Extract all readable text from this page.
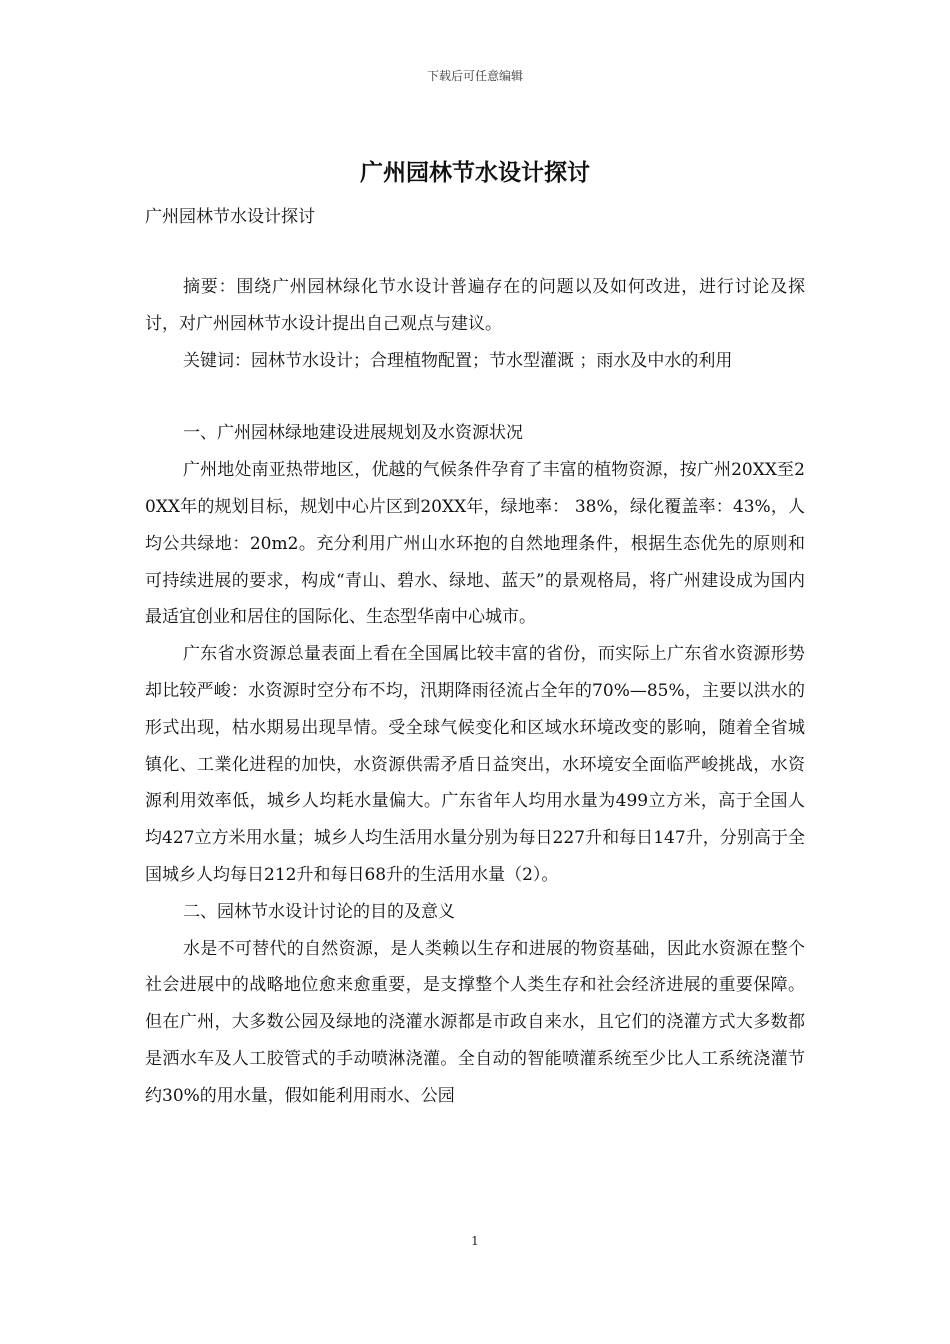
下载后可任意编辑
广州园林节水设计探讨

广州园林节水设计探讨

摘要：围绕广州园林绿化节水设计普遍存在的问题以及如何改进，进行讨论及探讨，对广州园林节水设计提出自己观点与建议。

关键词：园林节水设计；合理植物配置；节水型灌溉 ；雨水及中水的利用

一、广州园林绿地建设进展规划及水资源状况

广州地处南亚热带地区，优越的气候条件孕育了丰富的植物资源，按广州20XX至20XX年的规划目标，规划中心片区到20XX年，绿地率： 38%，绿化覆盖率：43%，人均公共绿地：20m2。充分利用广州山水环抱的自然地理条件，根据生态优先的原则和可持续进展的要求，构成“青山、碧水、绿地、蓝天”的景观格局，将广州建设成为国内最适宜创业和居住的国际化、生态型华南中心城市。

广东省水资源总量表面上看在全国属比较丰富的省份，而实际上广东省水资源形势却比较严峻：水资源时空分布不均，汛期降雨径流占全年的70%—85%，主要以洪水的形式出现，枯水期易出现旱情。受全球气候变化和区域水环境改变的影响，随着全省城镇化、工業化进程的加快，水资源供需矛盾日益突出，水环境安全面临严峻挑战，水资源利用效率低，城乡人均耗水量偏大。广东省年人均用水量为499立方米，高于全国人均427立方米用水量；城乡人均生活用水量分别为每日227升和每日147升，分别高于全国城乡人均每日212升和每日68升的生活用水量（2）。

二、园林节水设计讨论的目的及意义

水是不可替代的自然资源，是人类赖以生存和进展的物资基础，因此水资源在整个社会进展中的战略地位愈来愈重要，是支撑整个人类生存和社会经济进展的重要保障。但在广州，大多数公园及绿地的浇灌水源都是市政自来水，且它们的浇灌方式大多数都是洒水车及人工胶管式的手动喷淋浇灌。全自动的智能喷灌系统至少比人工系统浇灌节约30%的用水量，假如能利用雨水、公园

1
